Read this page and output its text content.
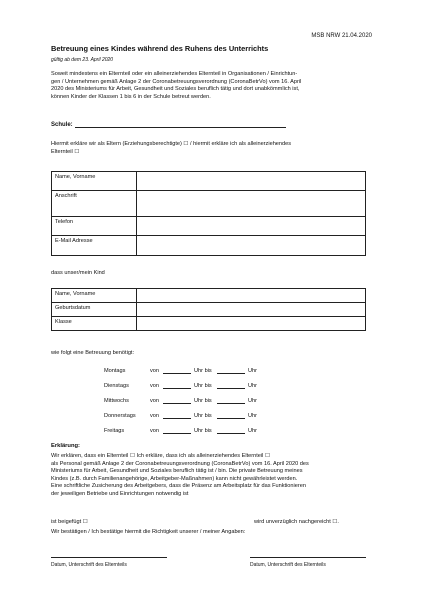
MSB NRW 21.04.2020
Betreuung eines Kindes während des Ruhens des Unterrichts
gültig ab dem 23. April 2020
Soweit mindestens ein Elternteil oder ein alleinerziehendes Elternteil in Organisationen / Einrichtun-
gen / Unternehmen gemäß Anlage 2 der Coronabetreuungsverordnung (CoronaBetrVo) vom 16. April
2020 des Ministeriums für Arbeit, Gesundheit und Soziales beruflich tätig und dort unabkömmlich ist,
können Kinder der Klassen 1 bis 6 in der Schule betreut werden.
Schule:
Hiermit erkläre wir als Eltern (Erziehungsberechtigte) ☐ / hiermit erkläre ich als alleinerziehendes
Elternteil ☐
Name, Vorname	
Anschrift	
Telefon	
E-Mail Adresse	
dass unser/mein Kind
Name, Vorname	
Geburtsdatum	
Klasse	
wie folgt eine Betreuung benötigt:
Montags	von	Uhr bis	Uhr
Dienstags	von	Uhr bis	Uhr
Mittwochs	von	Uhr bis	Uhr
Donnerstags	von	Uhr bis	Uhr
Freitags	von	Uhr bis	Uhr
Erklärung:
Wir erklären, dass ein Elternteil ☐ Ich erkläre, dass ich als alleinerziehendes Elternteil ☐
als Personal gemäß Anlage 2 der Coronabetreuungsverordnung (CoronaBetrVo) vom 16. April 2020 des
Ministeriums für Arbeit, Gesundheit und Soziales beruflich tätig ist / bin. Die private Betreuung meines
Kindes (z.B. durch Familienangehörige, Arbeitgeber-Maßnahmen) kann nicht gewährleistet werden.
Eine schriftliche Zusicherung des Arbeitgebers, dass die Präsenz am Arbeitsplatz für das Funktionieren
der jeweiligen Betriebe und Einrichtungen notwendig ist
ist beigefügt ☐	wird unverzüglich nachgereicht ☐.
Wir bestätigen / Ich bestätige hiermit die Richtigkeit unserer / meiner Angaben:
Datum, Unterschrift des Elternteils	Datum, Unterschrift des Elternteils
